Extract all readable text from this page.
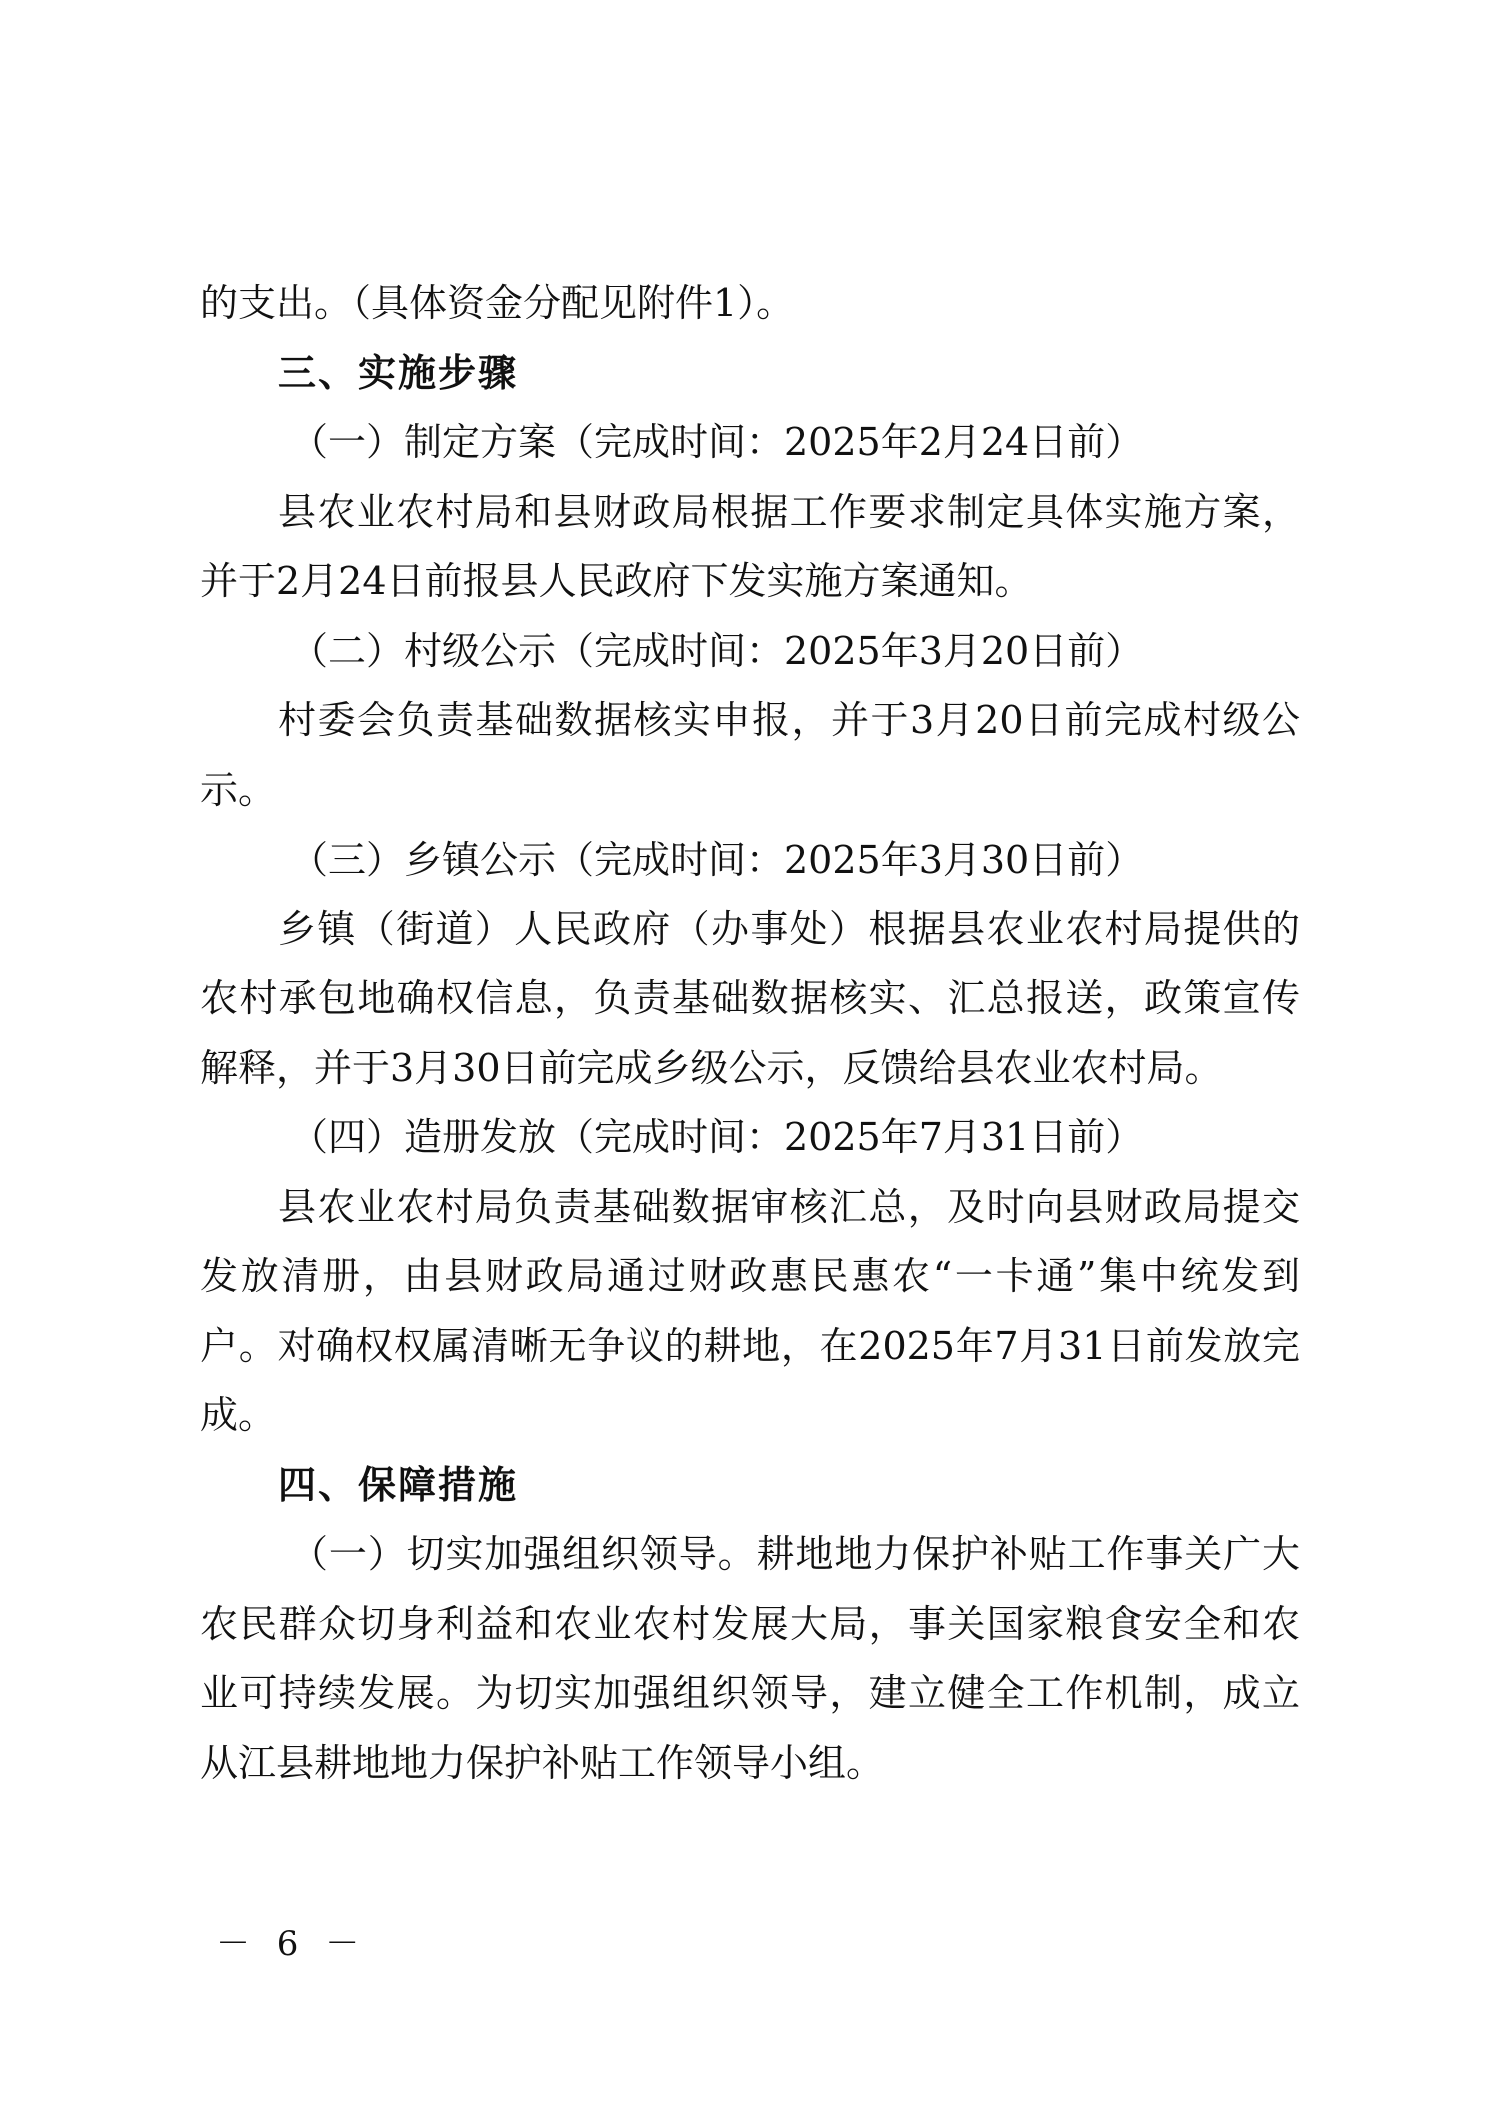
的支出。（具体资金分配见附件1）。
三、实施步骤
（一）制定方案（完成时间：2025年2月24日前）
县农业农村局和县财政局根据工作要求制定具体实施方案，
并于2月24日前报县人民政府下发实施方案通知。
（二）村级公示（完成时间：2025年3月20日前）
村委会负责基础数据核实申报，并于3月20日前完成村级公
示。
（三）乡镇公示（完成时间：2025年3月30日前）
乡镇（街道）人民政府（办事处）根据县农业农村局提供的
农村承包地确权信息，负责基础数据核实、汇总报送，政策宣传
解释，并于3月30日前完成乡级公示，反馈给县农业农村局。
（四）造册发放（完成时间：2025年7月31日前）
县农业农村局负责基础数据审核汇总，及时向县财政局提交
发放清册，由县财政局通过财政惠民惠农“一卡通”集中统发到
户。对确权权属清晰无争议的耕地，在2025年7月31日前发放完
成。
四、保障措施
（一）切实加强组织领导。耕地地力保护补贴工作事关广大
农民群众切身利益和农业农村发展大局，事关国家粮食安全和农
业可持续发展。为切实加强组织领导，建立健全工作机制，成立
从江县耕地地力保护补贴工作领导小组。
－ 6 －
